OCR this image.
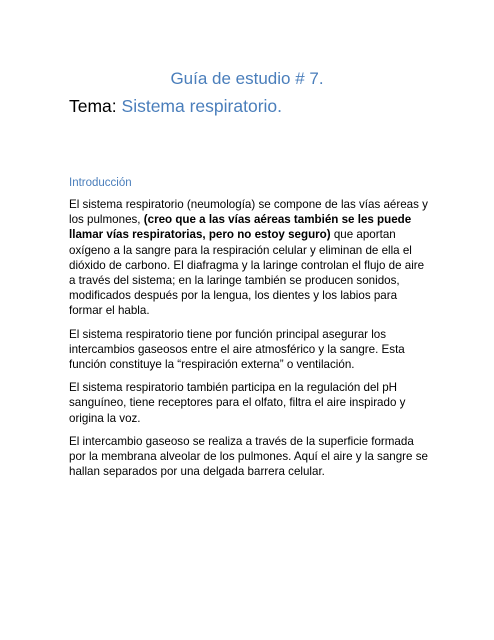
Guía de estudio # 7.
Tema: Sistema respiratorio.
Introducción

El sistema respiratorio (neumología) se compone de las vías aéreas y los pulmones, (creo que a las vías aéreas también se les puede llamar vías respiratorias, pero no estoy seguro) que aportan oxígeno a la sangre para la respiración celular y eliminan de ella el dióxido de carbono. El diafragma y la laringe controlan el flujo de aire a través del sistema; en la laringe también se producen sonidos, modificados después por la lengua, los dientes y los labios para formar el habla.

El sistema respiratorio tiene por función principal asegurar los intercambios gaseosos entre el aire atmosférico y la sangre. Esta función constituye la “respiración externa” o ventilación.

El sistema respiratorio también participa en la regulación del pH sanguíneo, tiene receptores para el olfato, filtra el aire inspirado y origina la voz.

El intercambio gaseoso se realiza a través de la superficie formada por la membrana alveolar de los pulmones. Aquí el aire y la sangre se hallan separados por una delgada barrera celular.
